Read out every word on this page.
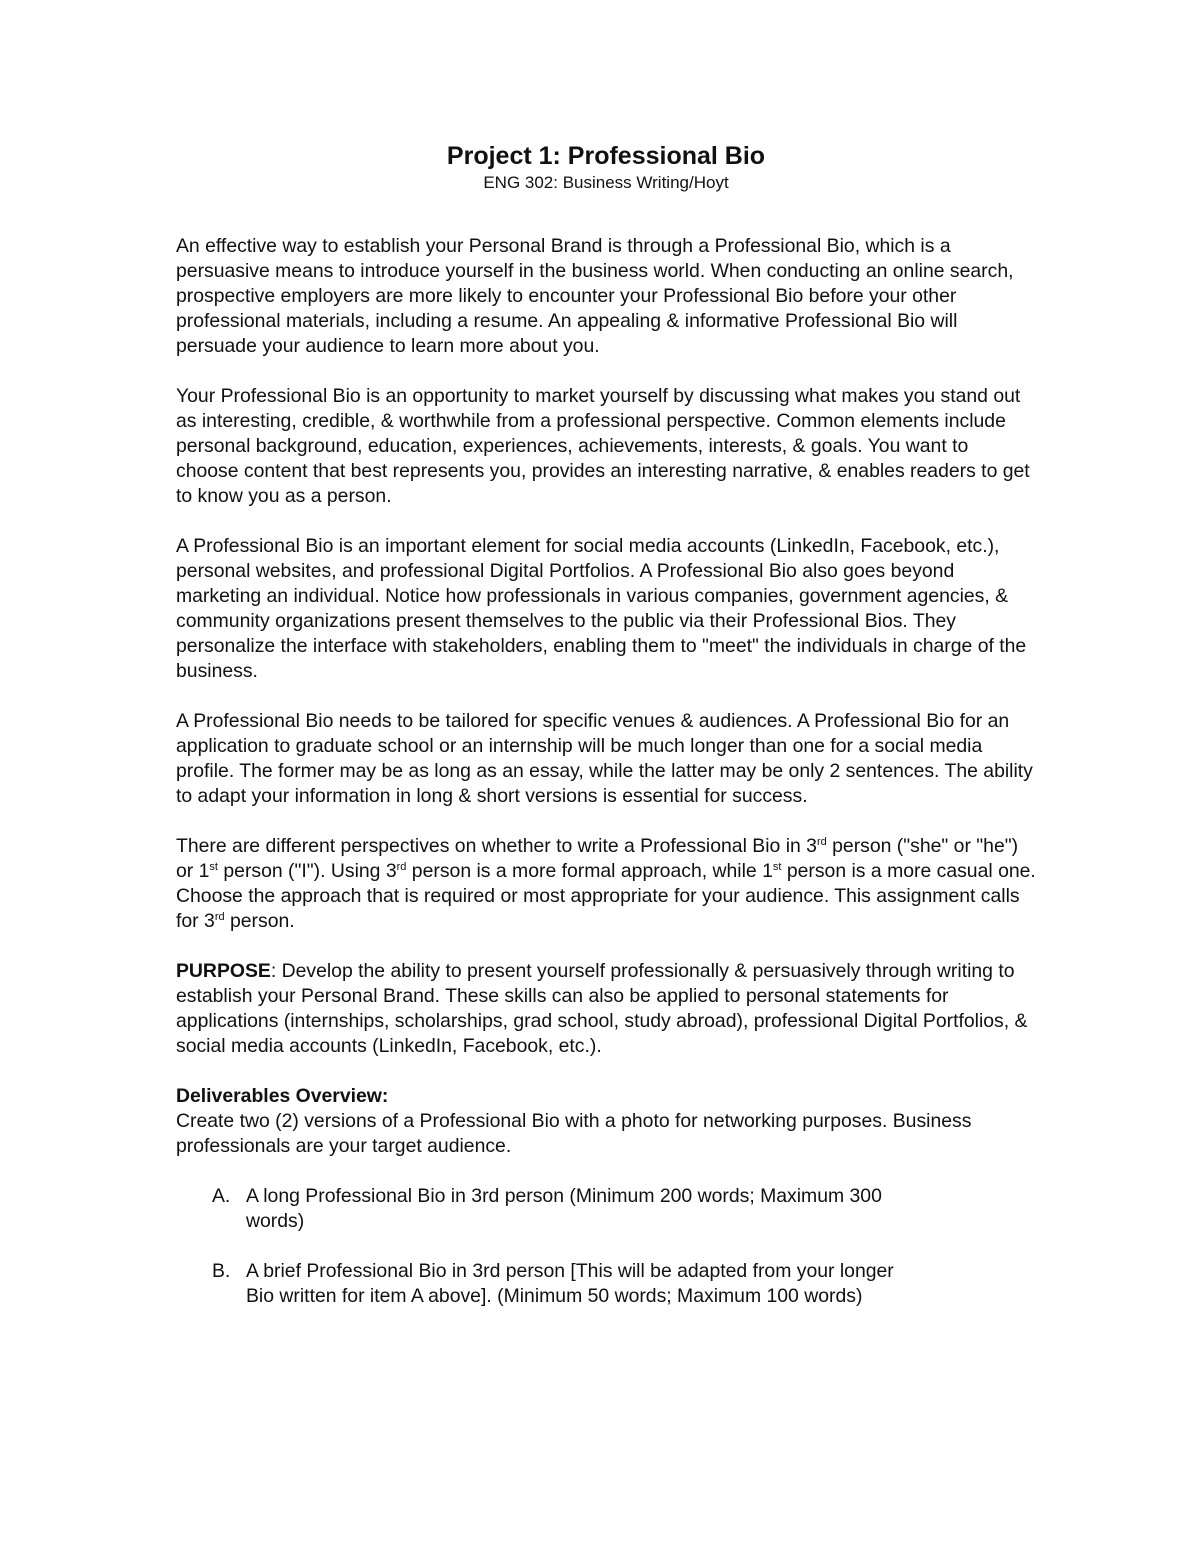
Project 1: Professional Bio
ENG 302: Business Writing/Hoyt

An effective way to establish your Personal Brand is through a Professional Bio, which is a persuasive means to introduce yourself in the business world. When conducting an online search, prospective employers are more likely to encounter your Professional Bio before your other professional materials, including a resume. An appealing & informative Professional Bio will persuade your audience to learn more about you.

Your Professional Bio is an opportunity to market yourself by discussing what makes you stand out as interesting, credible, & worthwhile from a professional perspective. Common elements include personal background, education, experiences, achievements, interests, & goals. You want to choose content that best represents you, provides an interesting narrative, & enables readers to get to know you as a person.

A Professional Bio is an important element for social media accounts (LinkedIn, Facebook, etc.), personal websites, and professional Digital Portfolios. A Professional Bio also goes beyond marketing an individual. Notice how professionals in various companies, government agencies, & community organizations present themselves to the public via their Professional Bios. They personalize the interface with stakeholders, enabling them to "meet" the individuals in charge of the business.

A Professional Bio needs to be tailored for specific venues & audiences. A Professional Bio for an application to graduate school or an internship will be much longer than one for a social media profile. The former may be as long as an essay, while the latter may be only 2 sentences. The ability to adapt your information in long & short versions is essential for success.

There are different perspectives on whether to write a Professional Bio in 3rd person ("she" or "he") or 1st person ("I"). Using 3rd person is a more formal approach, while 1st person is a more casual one. Choose the approach that is required or most appropriate for your audience. This assignment calls for 3rd person.

PURPOSE: Develop the ability to present yourself professionally & persuasively through writing to establish your Personal Brand. These skills can also be applied to personal statements for applications (internships, scholarships, grad school, study abroad), professional Digital Portfolios, & social media accounts (LinkedIn, Facebook, etc.).

Deliverables Overview:
Create two (2) versions of a Professional Bio with a photo for networking purposes. Business professionals are your target audience.
A. A long Professional Bio in 3rd person (Minimum 200 words; Maximum 300 words)
B. A brief Professional Bio in 3rd person [This will be adapted from your longer Bio written for item A above]. (Minimum 50 words; Maximum 100 words)
